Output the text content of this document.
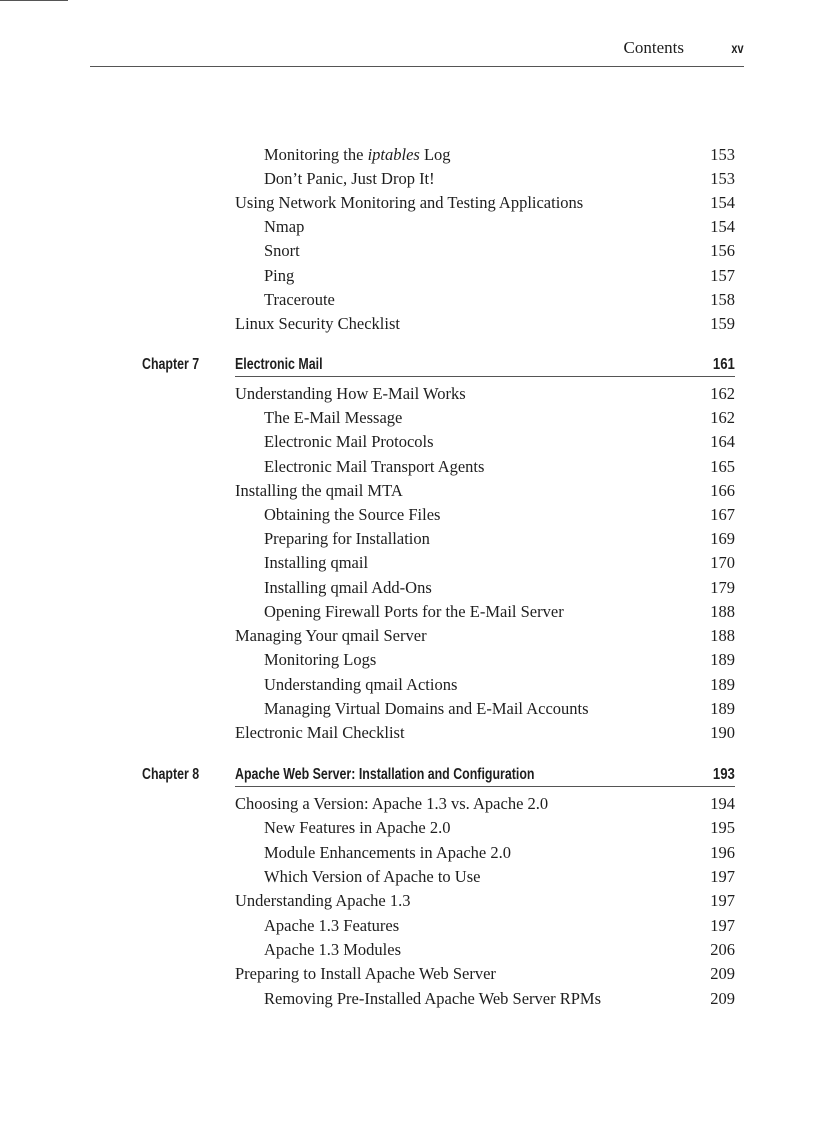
Contents	xv
Monitoring the iptables Log	153
Don’t Panic, Just Drop It!	153
Using Network Monitoring and Testing Applications	154
Nmap	154
Snort	156
Ping	157
Traceroute	158
Linux Security Checklist	159
Chapter 7 Electronic Mail	161
Understanding How E-Mail Works	162
The E-Mail Message	162
Electronic Mail Protocols	164
Electronic Mail Transport Agents	165
Installing the qmail MTA	166
Obtaining the Source Files	167
Preparing for Installation	169
Installing qmail	170
Installing qmail Add-Ons	179
Opening Firewall Ports for the E-Mail Server	188
Managing Your qmail Server	188
Monitoring Logs	189
Understanding qmail Actions	189
Managing Virtual Domains and E-Mail Accounts	189
Electronic Mail Checklist	190
Chapter 8 Apache Web Server: Installation and Configuration	193
Choosing a Version: Apache 1.3 vs. Apache 2.0	194
New Features in Apache 2.0	195
Module Enhancements in Apache 2.0	196
Which Version of Apache to Use	197
Understanding Apache 1.3	197
Apache 1.3 Features	197
Apache 1.3 Modules	206
Preparing to Install Apache Web Server	209
Removing Pre-Installed Apache Web Server RPMs	209
